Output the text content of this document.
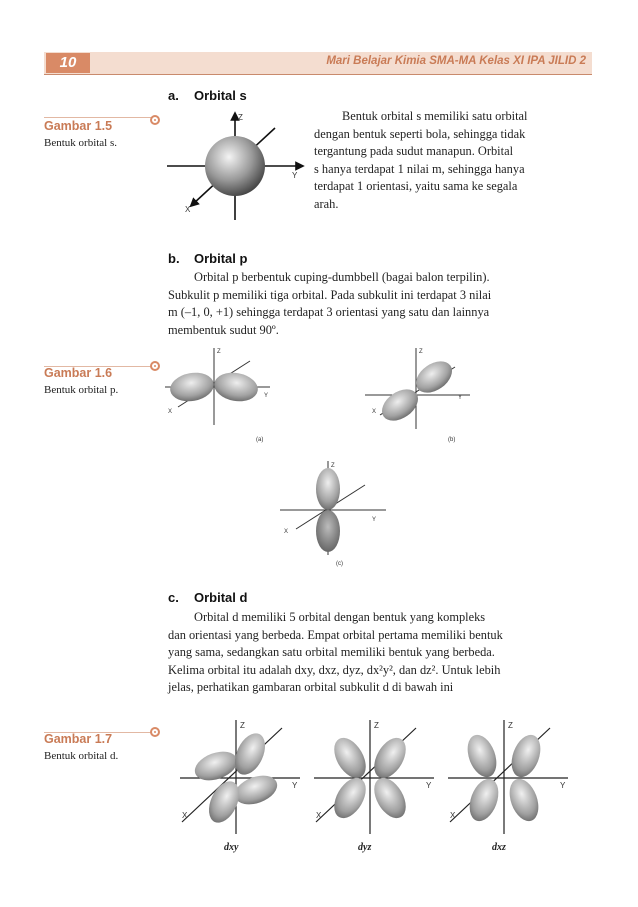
10	Mari Belajar Kimia SMA-MA Kelas XI IPA JILID 2
Gambar 1.5
Bentuk orbital s.
a. Orbital s
Z
Y
X

Bentuk orbital s memiliki satu orbital

dengan bentuk seperti bola, sehingga tidak

tergantung pada sudut manapun. Orbital

s hanya terdapat 1 nilai m, sehingga hanya

terdapat 1 orientasi, yaitu sama ke segala

arah.

b. Orbital p

Orbital p berbentuk cuping-dumbbell (bagai balon terpilin).

Subkulit p memiliki tiga orbital. Pada subkulit ini terdapat 3 nilai

m (–1, 0, +1) sehingga terdapat 3 orientasi yang satu dan lainnya

membentuk sudut 90º.

Gambar 1.6
Bentuk orbital p.
Z
Y
X
(a)
Z
Y
X
(b)
Z
Y
X
(c)
c. Orbital d

Orbital d memiliki 5 orbital dengan bentuk yang kompleks

dan orientasi yang berbeda. Empat orbital pertama memiliki bentuk

yang sama, sedangkan satu orbital memiliki bentuk yang berbeda.

Kelima orbital itu adalah dxy, dxz, dyz, dx²y², dan dz². Untuk lebih

jelas, perhatikan gambaran orbital subkulit d di bawah ini

Gambar 1.7
Bentuk orbital d.
Z
Y
X
dxy
Z
Y
X
dyz
Z
Y
X
dxz
